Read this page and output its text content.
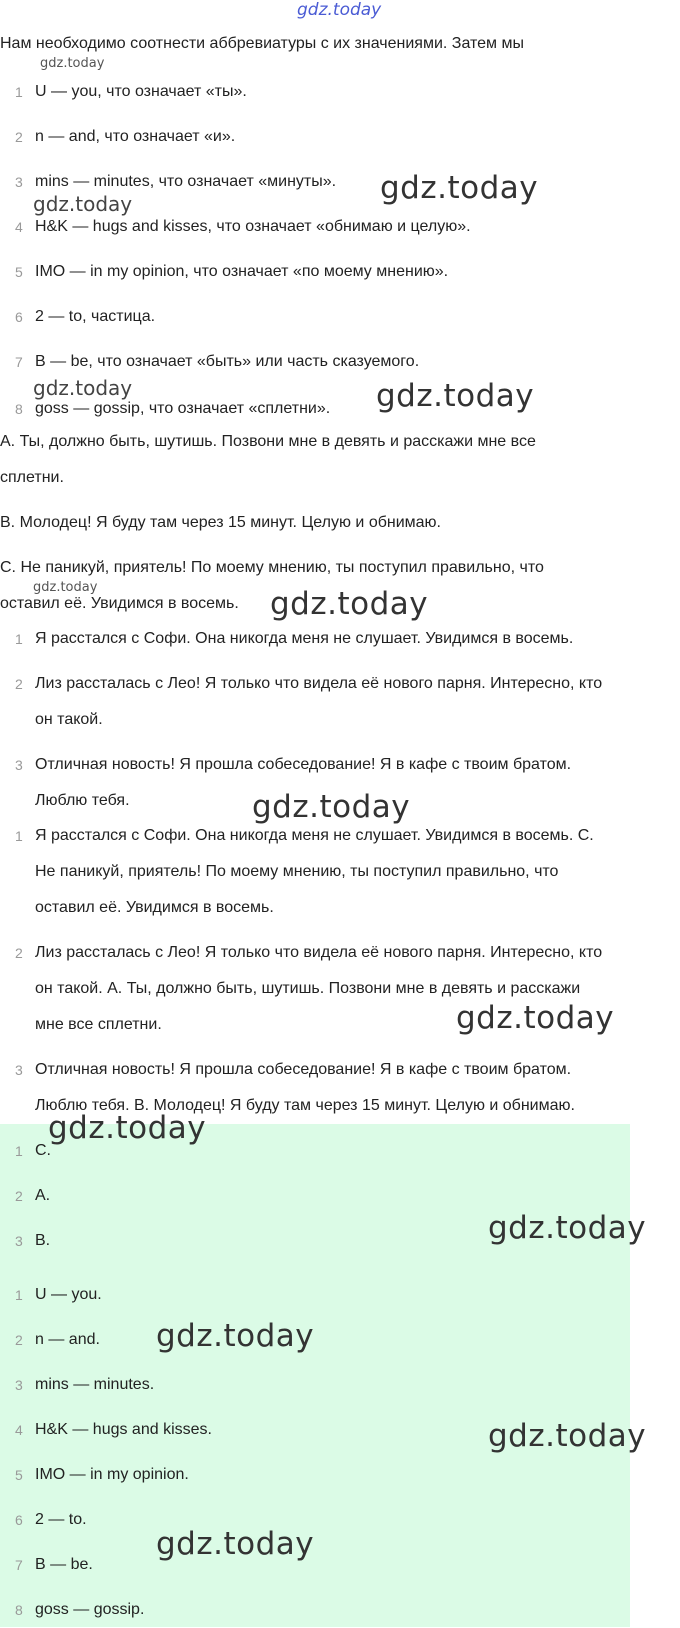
gdz.today

Нам необходимо соотнести аббревиатуры с их значениями. Затем мы

gdz.today
1 U — you, что означает «ты».
2 n — and, что означает «и».
3 mins — minutes, что означает «минуты». gdz.today
gdz.today
4 H&K — hugs and kisses, что означает «обнимаю и целую».
5 IMO — in my opinion, что означает «по моему мнению».
6 2 — to, частица.
7 B — be, что означает «быть» или часть сказуемого.
gdz.today
8 goss — gossip, что означает «сплетни». gdz.today

A. Ты, должно быть, шутишь. Позвони мне в девять и расскажи мне все

сплетни.

B. Молодец! Я буду там через 15 минут. Целую и обнимаю.

C. Не паникуй, приятель! По моему мнению, ты поступил правильно, что

gdz.today

оставил её. Увидимся в восемь. gdz.today
1 Я расстался с Софи. Она никогда меня не слушает. Увидимся в восемь.
2 Лиз рассталась с Лео! Я только что видела её нового парня. Интересно, кто
он такой.
3 Отличная новость! Я прошла собеседование! Я в кафе с твоим братом.
Люблю тебя.	gdz.today
1 Я расстался с Софи. Она никогда меня не слушает. Увидимся в восемь. C.
Не паникуй, приятель! По моему мнению, ты поступил правильно, что
оставил её. Увидимся в восемь.
2 Лиз рассталась с Лео! Я только что видела её нового парня. Интересно, кто
он такой. A. Ты, должно быть, шутишь. Позвони мне в девять и расскажи
мне все сплетни.	gdz.today
3 Отличная новость! Я прошла собеседование! Я в кафе с твоим братом.
Люблю тебя. B. Молодец! Я буду там через 15 минут. Целую и обнимаю.
1 C.
gdz.today
2 A.
3 B.	gdz.today
1 U — you.
2 n — and. gdz.today
3 mins — minutes.
4 H&K — hugs and kisses.	gdz.today
5 IMO — in my opinion.
6 2 — to.
7 B — be.
gdz.today
8 goss — gossip.
